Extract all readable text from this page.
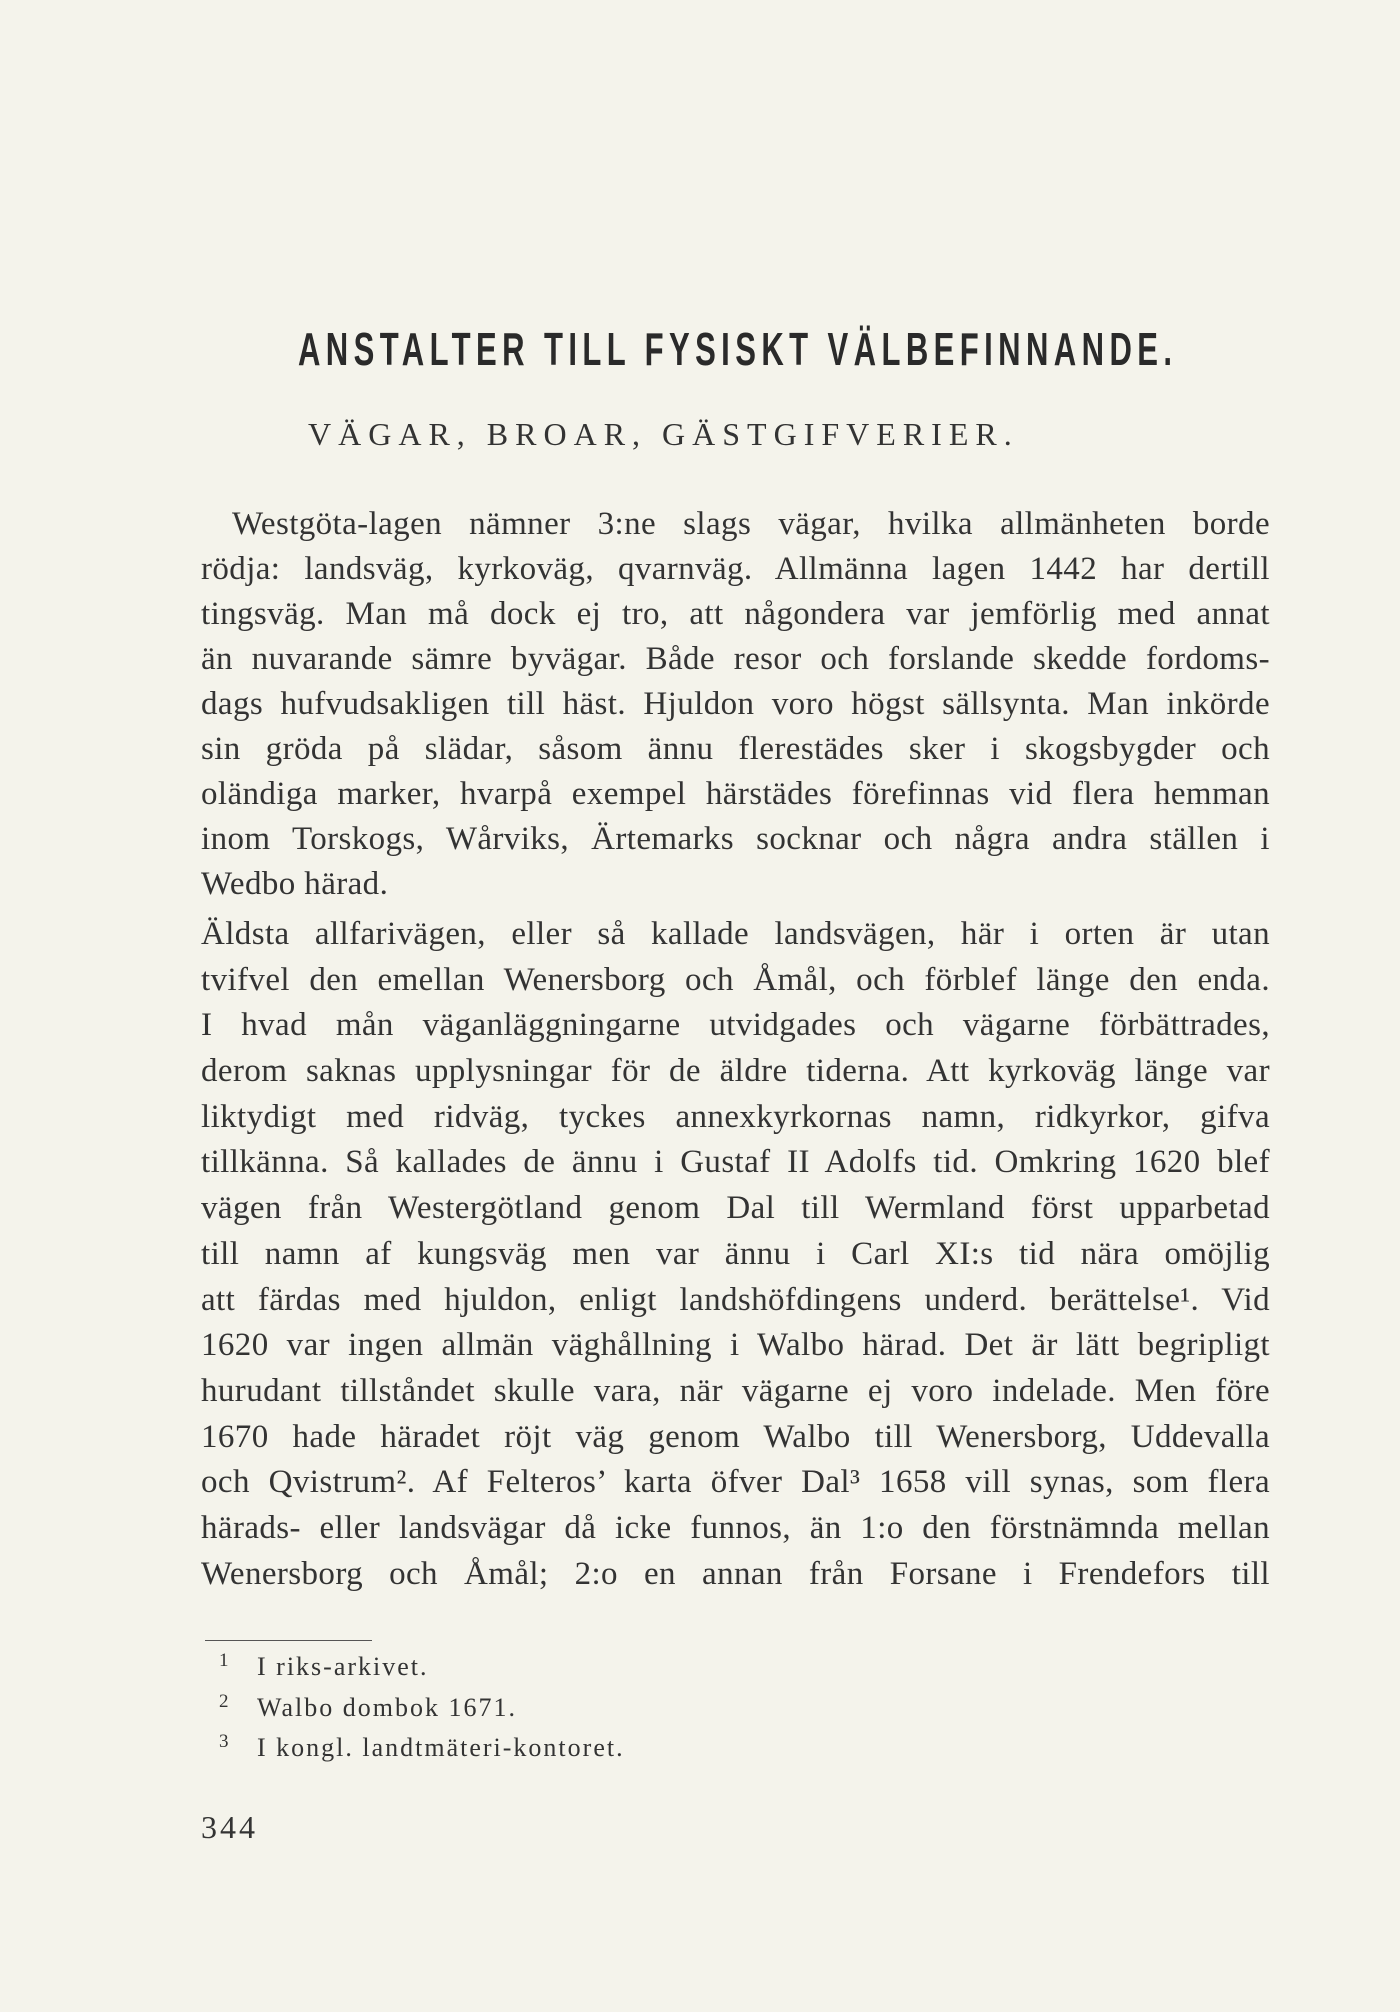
ANSTALTER TILL FYSISKT VÄLBEFINNANDE.
VÄGAR, BROAR, GÄSTGIFVERIER.
Westgöta-lagen nämner 3:ne slags vägar, hvilka allmänheten borde
rödja: landsväg, kyrkoväg, qvarnväg. Allmänna lagen 1442 har dertill
tingsväg. Man må dock ej tro, att någondera var jemförlig med annat
än nuvarande sämre byvägar. Både resor och forslande skedde fordoms-
dags hufvudsakligen till häst. Hjuldon voro högst sällsynta. Man inkörde
sin gröda på slädar, såsom ännu flerestädes sker i skogsbygder och
oländiga marker, hvarpå exempel härstädes förefinnas vid flera hemman
inom Torskogs, Wårviks, Ärtemarks socknar och några andra ställen i
Wedbo härad.
Äldsta allfarivägen, eller så kallade landsvägen, här i orten är utan
tvifvel den emellan Wenersborg och Åmål, och förblef länge den enda.
I hvad mån väganläggningarne utvidgades och vägarne förbättrades,
derom saknas upplysningar för de äldre tiderna. Att kyrkoväg länge var
liktydigt med ridväg, tyckes annexkyrkornas namn, ridkyrkor, gifva
tillkänna. Så kallades de ännu i Gustaf II Adolfs tid. Omkring 1620 blef
vägen från Westergötland genom Dal till Wermland först upparbetad
till namn af kungsväg men var ännu i Carl XI:s tid nära omöjlig
att färdas med hjuldon, enligt landshöfdingens underd. berättelse¹. Vid
1620 var ingen allmän väghållning i Walbo härad. Det är lätt begripligt
hurudant tillståndet skulle vara, när vägarne ej voro indelade. Men före
1670 hade häradet röjt väg genom Walbo till Wenersborg, Uddevalla
och Qvistrum². Af Felteros’ karta öfver Dal³ 1658 vill synas, som flera
härads- eller landsvägar då icke funnos, än 1:o den förstnämnda mellan
Wenersborg och Åmål; 2:o en annan från Forsane i Frendefors till
1 I riks-arkivet.
2 Walbo dombok 1671.
3 I kongl. landtmäteri-kontoret.
344
